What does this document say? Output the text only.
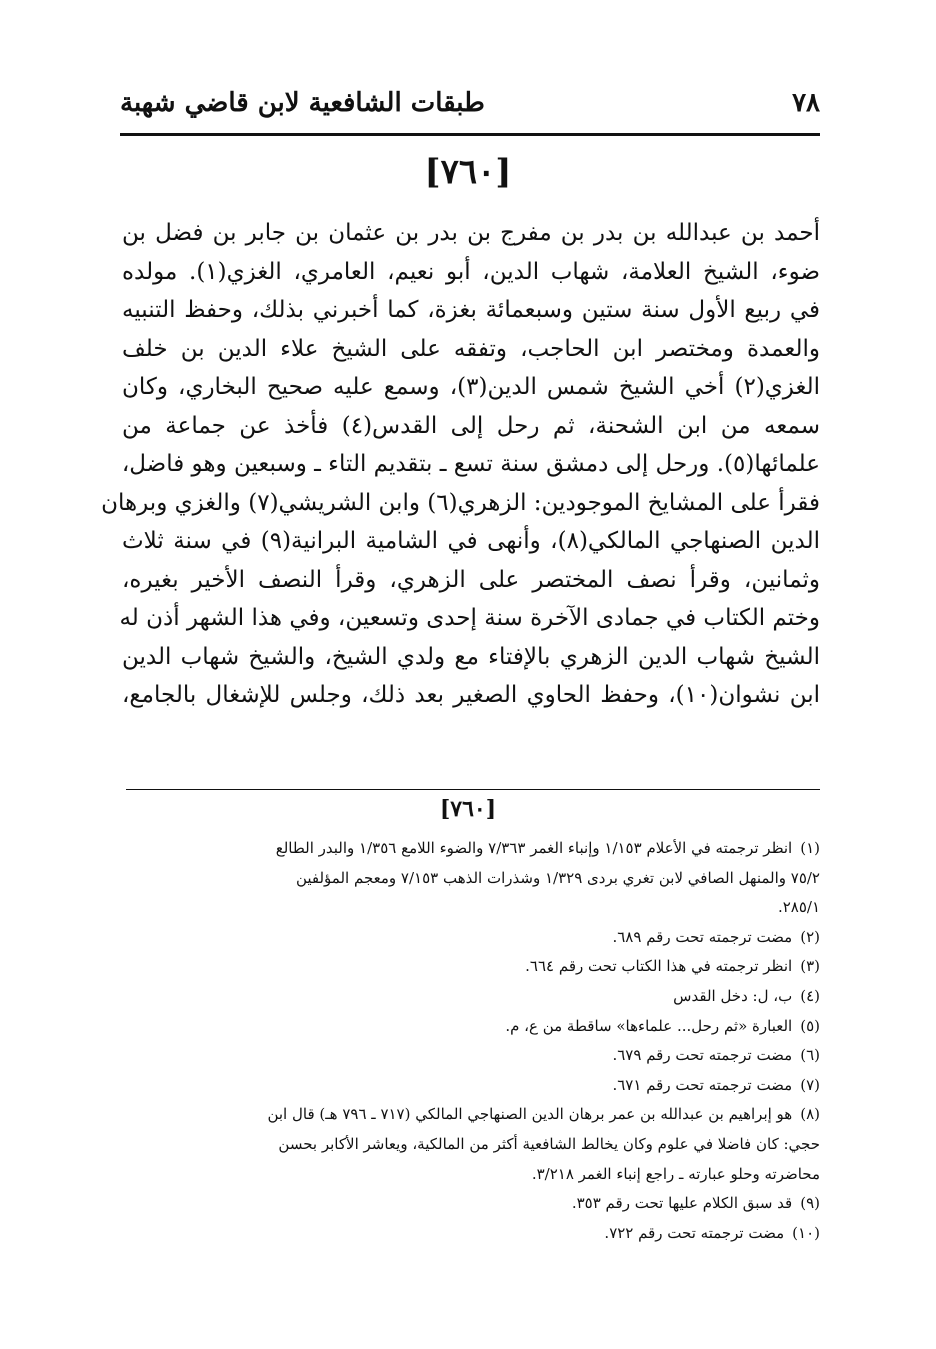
٧٨
طبقات الشافعية لابن قاضي شهبة
[٧٦٠]
أحمد بن عبدالله بن بدر بن مفرج بن بدر بن عثمان بن جابر بن فضل بن
ضوء، الشيخ العلامة، شهاب الدين، أبو نعيم، العامري، الغزي(١). مولده
في ربيع الأول سنة ستين وسبعمائة بغزة، كما أخبرني بذلك، وحفظ التنبيه
والعمدة ومختصر ابن الحاجب، وتفقه على الشيخ علاء الدين بن خلف
الغزي(٢) أخي الشيخ شمس الدين(٣)، وسمع عليه صحيح البخاري، وكان
سمعه من ابن الشحنة، ثم رحل إلى القدس(٤) فأخذ عن جماعة من
علمائها(٥). ورحل إلى دمشق سنة تسع ـ بتقديم التاء ـ وسبعين وهو فاضل،
فقرأ على المشايخ الموجودين: الزهري(٦) وابن الشريشي(٧) والغزي وبرهان
الدين الصنهاجي المالكي(٨)، وأنهى في الشامية البرانية(٩) في سنة ثلاث
وثمانين، وقرأ نصف المختصر على الزهري، وقرأ النصف الأخير بغيره،
وختم الكتاب في جمادى الآخرة سنة إحدى وتسعين، وفي هذا الشهر أذن له
الشيخ شهاب الدين الزهري بالإفتاء مع ولدي الشيخ، والشيخ شهاب الدين
ابن نشوان(١٠)، وحفظ الحاوي الصغير بعد ذلك، وجلس للإشغال بالجامع،
[٧٦٠]
(١)انظر ترجمته في الأعلام ١/١٥٣ وإنباء الغمر ٧/٣٦٣ والضوء اللامع ١/٣٥٦ والبدر الطالع
٧٥/٢ والمنهل الصافي لابن تغري بردى ١/٣٢٩ وشذرات الذهب ٧/١٥٣ ومعجم المؤلفين
٢٨٥/١.
(٢)مضت ترجمته تحت رقم ٦٨٩.
(٣)انظر ترجمته في هذا الكتاب تحت رقم ٦٦٤.
(٤)ب، ل: دخل القدس
(٥)العبارة «ثم رحل... علماءها» ساقطة من ع، م.
(٦)مضت ترجمته تحت رقم ٦٧٩.
(٧)مضت ترجمته تحت رقم ٦٧١.
(٨)هو إبراهيم بن عبدالله بن عمر برهان الدين الصنهاجي المالكي (٧١٧ ـ ٧٩٦ هـ) قال ابن
حجي: كان فاضلا في علوم وكان يخالط الشافعية أكثر من المالكية، ويعاشر الأكابر بحسن
محاضرته وحلو عبارته ـ راجع إنباء الغمر ٣/٢١٨.
(٩)قد سبق الكلام عليها تحت رقم ٣٥٣.
(١٠)مضت ترجمته تحت رقم ٧٢٢.
